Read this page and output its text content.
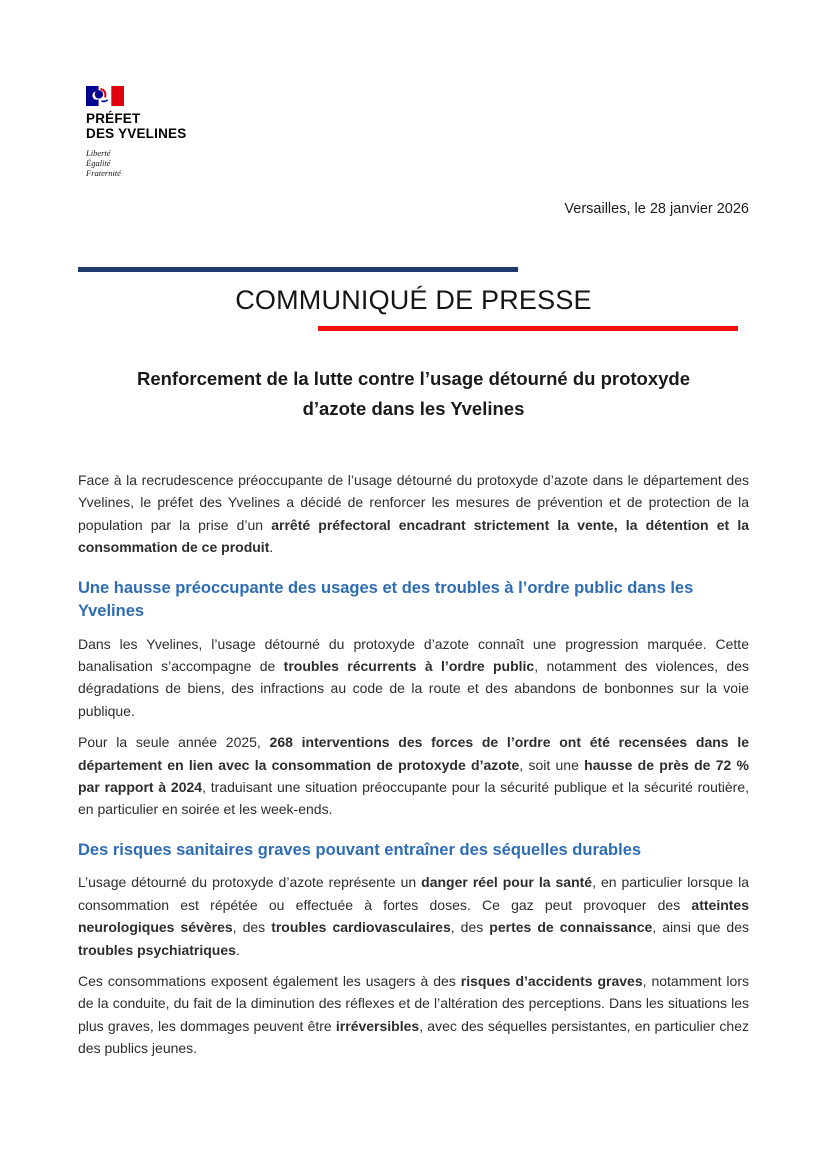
PRÉFET
DES YVELINES
Liberté
Égalité
Fraternité
Versailles, le 28 janvier 2026
COMMUNIQUÉ DE PRESSE
Renforcement de la lutte contre l’usage détourné du protoxyde d’azote dans les Yvelines

Face à la recrudescence préoccupante de l’usage détourné du protoxyde d’azote dans le département des Yvelines, le préfet des Yvelines a décidé de renforcer les mesures de prévention et de protection de la population par la prise d’un arrêté préfectoral encadrant strictement la vente, la détention et la consommation de ce produit.

Une hausse préoccupante des usages et des troubles à l’ordre public dans les Yvelines

Dans les Yvelines, l’usage détourné du protoxyde d’azote connaît une progression marquée. Cette banalisation s’accompagne de troubles récurrents à l’ordre public, notamment des violences, des dégradations de biens, des infractions au code de la route et des abandons de bonbonnes sur la voie publique.

Pour la seule année 2025, 268 interventions des forces de l’ordre ont été recensées dans le département en lien avec la consommation de protoxyde d’azote, soit une hausse de près de 72 % par rapport à 2024, traduisant une situation préoccupante pour la sécurité publique et la sécurité routière, en particulier en soirée et les week-ends.

Des risques sanitaires graves pouvant entraîner des séquelles durables

L’usage détourné du protoxyde d’azote représente un danger réel pour la santé, en particulier lorsque la consommation est répétée ou effectuée à fortes doses. Ce gaz peut provoquer des atteintes neurologiques sévères, des troubles cardiovasculaires, des pertes de connaissance, ainsi que des troubles psychiatriques.

Ces consommations exposent également les usagers à des risques d’accidents graves, notamment lors de la conduite, du fait de la diminution des réflexes et de l’altération des perceptions. Dans les situations les plus graves, les dommages peuvent être irréversibles, avec des séquelles persistantes, en particulier chez des publics jeunes.
